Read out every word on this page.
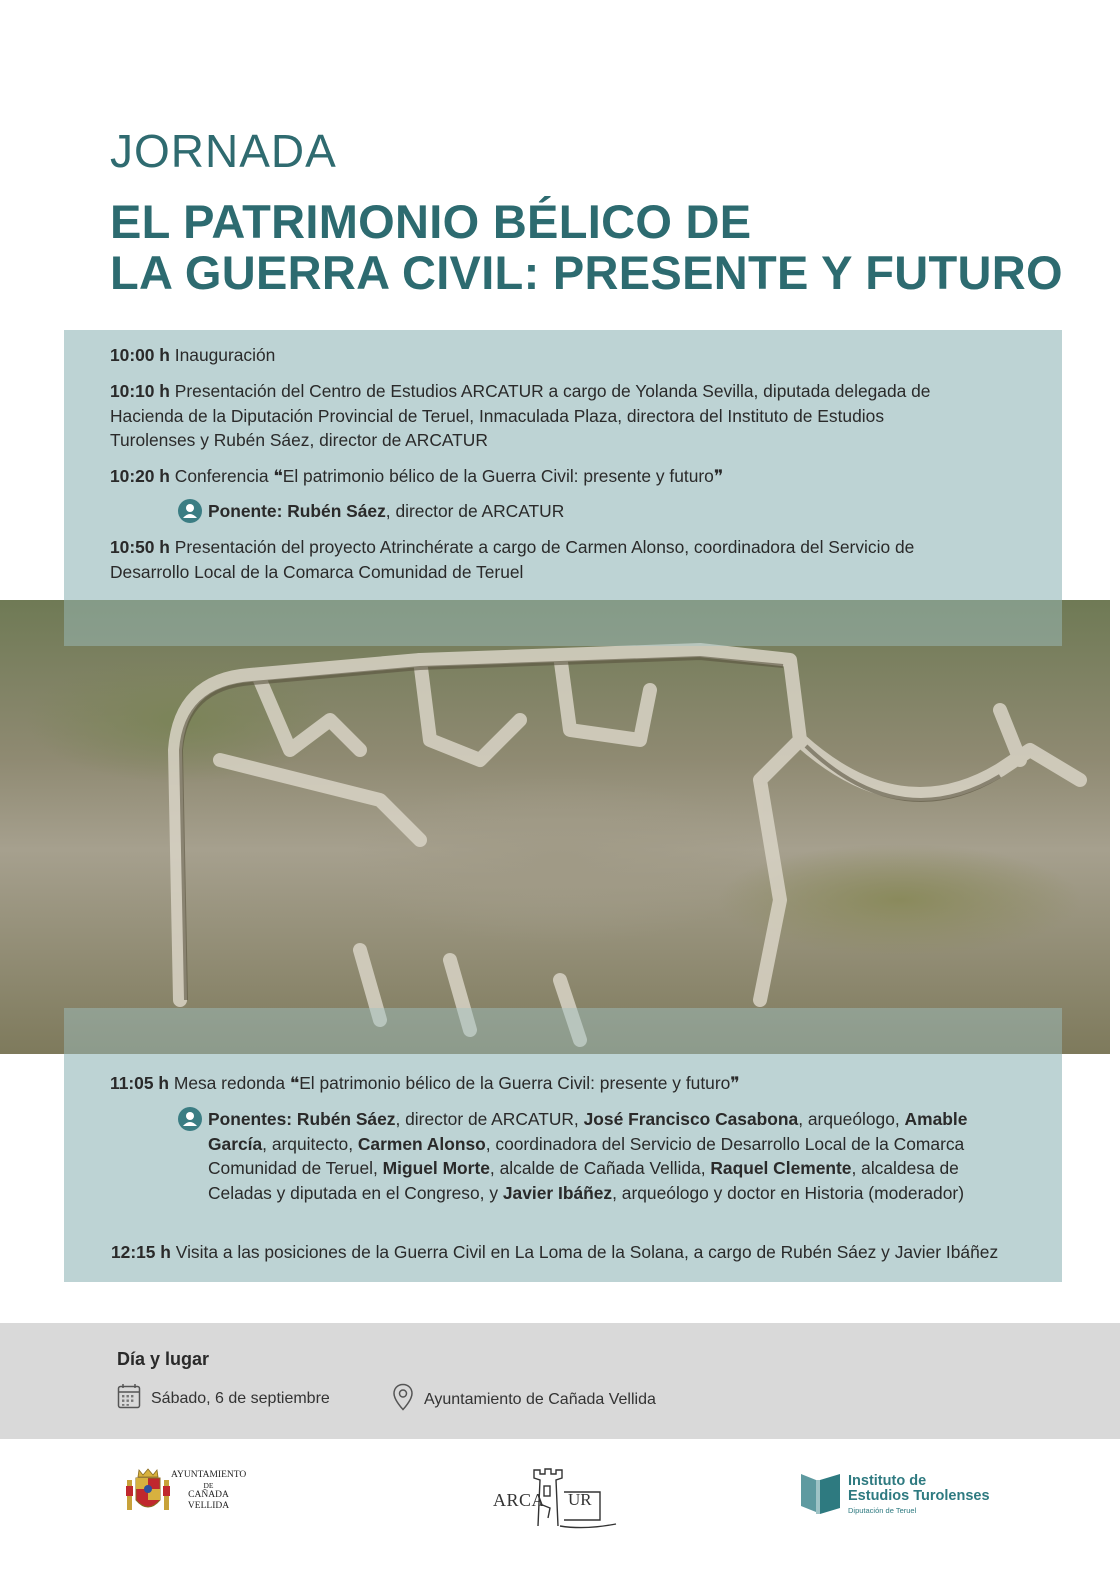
JORNADA
EL PATRIMONIO BÉLICO DE
LA GUERRA CIVIL: PRESENTE Y FUTURO
10:00 h Inauguración
10:10 h Presentación del Centro de Estudios ARCATUR a cargo de Yolanda Sevilla, diputada delegada de
Hacienda de la Diputación Provincial de Teruel, Inmaculada Plaza, directora del Instituto de Estudios
Turolenses y Rubén Sáez, director de ARCATUR
10:20 h Conferencia ❝El patrimonio bélico de la Guerra Civil: presente y futuro❞
Ponente: Rubén Sáez, director de ARCATUR
10:50 h Presentación del proyecto Atrinchérate a cargo de Carmen Alonso, coordinadora del Servicio de
Desarrollo Local de la Comarca Comunidad de Teruel
11:05 h Mesa redonda ❝El patrimonio bélico de la Guerra Civil: presente y futuro❞
Ponentes: Rubén Sáez, director de ARCATUR, José Francisco Casabona, arqueólogo, Amable García, arquitecto, Carmen Alonso, coordinadora del Servicio de Desarrollo Local de la Comarca Comunidad de Teruel, Miguel Morte, alcalde de Cañada Vellida, Raquel Clemente, alcaldesa de Celadas y diputada en el Congreso, y Javier Ibáñez, arqueólogo y doctor en Historia (moderador)
12:15 h Visita a las posiciones de la Guerra Civil en La Loma de la Solana, a cargo de Rubén Sáez y Javier Ibáñez
Día y lugar
Sábado, 6 de septiembre	Ayuntamiento de Cañada Vellida
AYUNTAMIENTO
DE
CAÑADA
VELLIDA	ARCA UR
Instituto de
Estudios Turolenses
Diputación de Teruel
